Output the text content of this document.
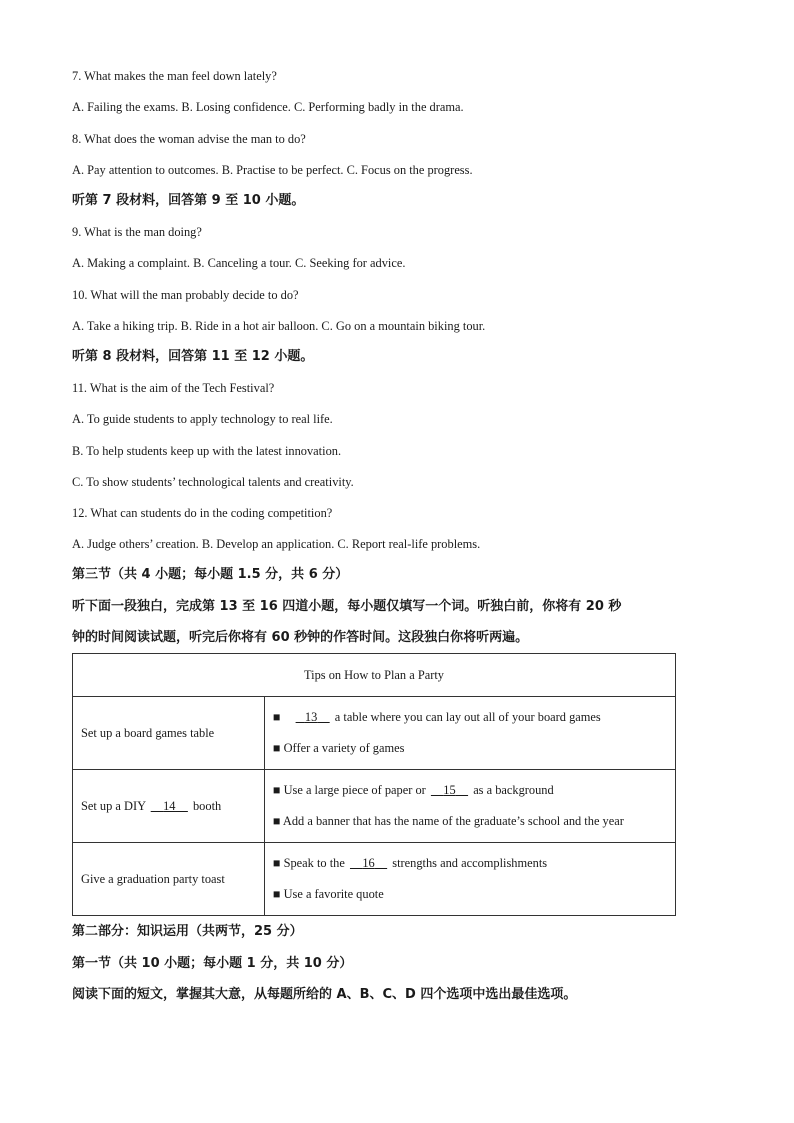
7. What makes the man feel down lately?
A. Failing the exams. B. Losing confidence. C. Performing badly in the drama.
8. What does the woman advise the man to do?
A. Pay attention to outcomes. B. Practise to be perfect. C. Focus on the progress.
听第 7 段材料，回答第 9 至 10 小题。
9. What is the man doing?
A. Making a complaint. B. Canceling a tour. C. Seeking for advice.
10. What will the man probably decide to do?
A. Take a hiking trip. B. Ride in a hot air balloon. C. Go on a mountain biking tour.
听第 8 段材料，回答第 11 至 12 小题。
11. What is the aim of the Tech Festival?
A. To guide students to apply technology to real life.
B. To help students keep up with the latest innovation.
C. To show students’ technological talents and creativity.
12. What can students do in the coding competition?
A. Judge others’ creation. B. Develop an application. C. Report real-life problems.
第三节（共 4 小题；每小题 1.5 分，共 6 分）
听下面一段独白，完成第 13 至 16 四道小题，每小题仅填写一个词。听独白前，你将有 20 秒
钟的时间阅读试题，听完后你将有 60 秒钟的作答时间。这段独白你将听两遍。
Tips on How to Plan a Party	
Set up a board games table	■ 13 a table where you can lay out all of your board games
■ Offer a variety of games

Set up a DIY 14 booth	■ Use a large piece of paper or 15 as a background
■ Add a banner that has the name of the graduate’s school and the year

Give a graduation party toast	■ Speak to the 16 strengths and accomplishments
■ Use a favorite quote
第二部分：知识运用（共两节，25 分）
第一节（共 10 小题；每小题 1 分，共 10 分）
阅读下面的短文，掌握其大意，从每题所给的 A、B、C、D 四个选项中选出最佳选项。
